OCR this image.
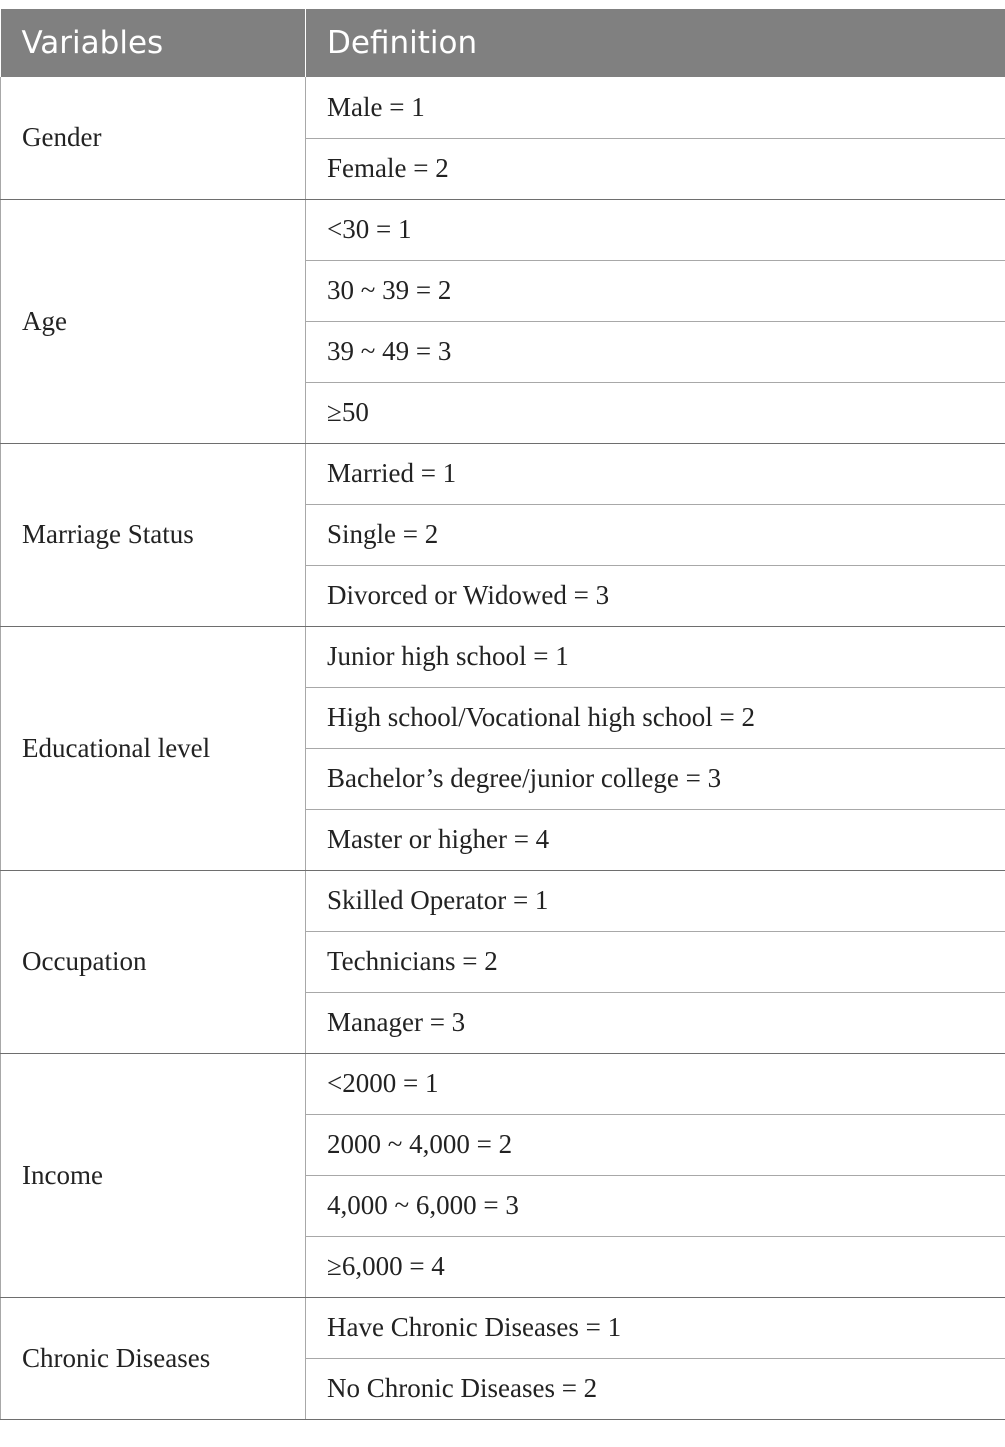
Variables	Definition
Gender	Male = 1
	Female = 2
Age	<30 = 1
	30 ~ 39 = 2
	39 ~ 49 = 3
	≥50
Marriage Status	Married = 1
	Single = 2
	Divorced or Widowed = 3
Educational level	Junior high school = 1
	High school/Vocational high school = 2
	Bachelor’s degree/junior college = 3
	Master or higher = 4
Occupation	Skilled Operator = 1
	Technicians = 2
	Manager = 3
Income	<2000 = 1
	2000 ~ 4,000 = 2
	4,000 ~ 6,000 = 3
	≥6,000 = 4
Chronic Diseases	Have Chronic Diseases = 1
	No Chronic Diseases = 2
